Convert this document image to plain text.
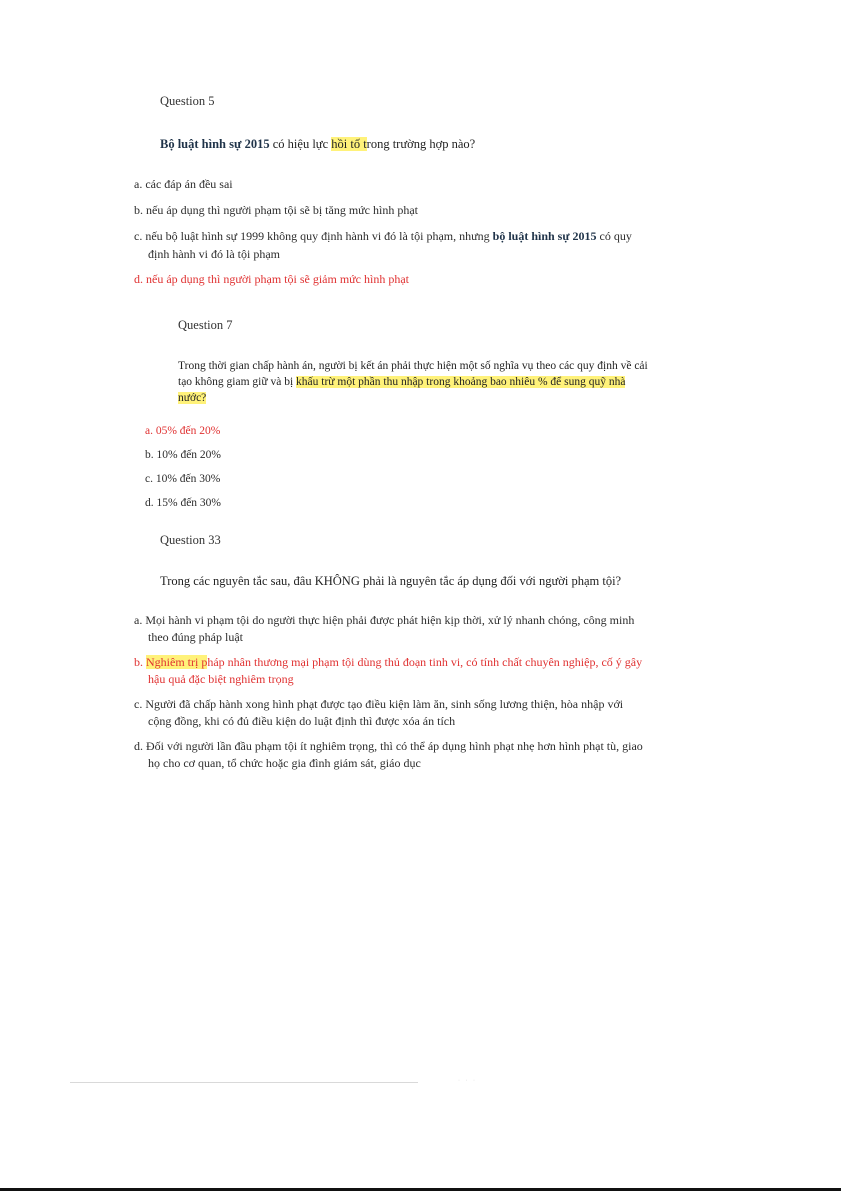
Question 5
Bộ luật hình sự 2015 có hiệu lực hồi tố trong trường hợp nào?
a. các đáp án đều sai
b. nếu áp dụng thì người phạm tội sẽ bị tăng mức hình phạt
c. nếu bộ luật hình sự 1999 không quy định hành vi đó là tội phạm, nhưng bộ luật hình sự 2015 có quy
định hành vi đó là tội phạm
d. nếu áp dụng thì người phạm tội sẽ giảm mức hình phạt
Question 7
Trong thời gian chấp hành án, người bị kết án phải thực hiện một số nghĩa vụ theo các quy định về cải
tạo không giam giữ và bị khấu trừ một phần thu nhập trong khoảng bao nhiêu % để sung quỹ nhà
nước?
a. 05% đến 20%
b. 10% đến 20%
c. 10% đến 30%
d. 15% đến 30%
Question 33
Trong các nguyên tắc sau, đâu KHÔNG phải là nguyên tắc áp dụng đối với người phạm tội?
a. Mọi hành vi phạm tội do người thực hiện phải được phát hiện kịp thời, xử lý nhanh chóng, công minh
theo đúng pháp luật
b. Nghiêm trị pháp nhân thương mại phạm tội dùng thủ đoạn tinh vi, có tính chất chuyên nghiệp, cố ý gây
hậu quả đặc biệt nghiêm trọng
c. Người đã chấp hành xong hình phạt được tạo điều kiện làm ăn, sinh sống lương thiện, hòa nhập với
cộng đồng, khi có đủ điều kiện do luật định thì được xóa án tích
d. Đối với người lần đầu phạm tội ít nghiêm trọng, thì có thể áp dụng hình phạt nhẹ hơn hình phạt tù, giao
họ cho cơ quan, tổ chức hoặc gia đình giám sát, giáo dục
· · ·
